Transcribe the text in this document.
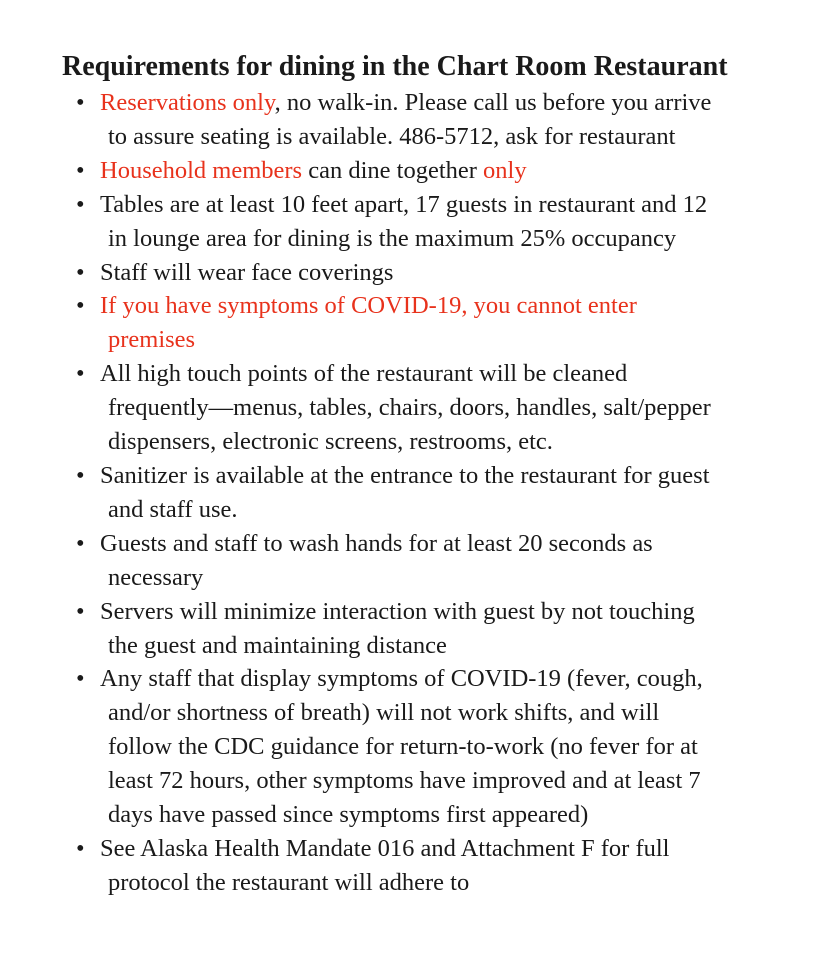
Requirements for dining in the Chart Room Restaurant
• Reservations only, no walk-in. Please call us before you arrive
to assure seating is available. 486-5712, ask for restaurant
• Household members can dine together only
• Tables are at least 10 feet apart, 17 guests in restaurant and 12
in lounge area for dining is the maximum 25% occupancy
• Staff will wear face coverings
• If you have symptoms of COVID-19, you cannot enter
premises
• All high touch points of the restaurant will be cleaned
frequently—menus, tables, chairs, doors, handles, salt/pepper
dispensers, electronic screens, restrooms, etc.
• Sanitizer is available at the entrance to the restaurant for guest
and staff use.
• Guests and staff to wash hands for at least 20 seconds as
necessary
• Servers will minimize interaction with guest by not touching
the guest and maintaining distance
• Any staff that display symptoms of COVID-19 (fever, cough,
and/or shortness of breath) will not work shifts, and will
follow the CDC guidance for return-to-work (no fever for at
least 72 hours, other symptoms have improved and at least 7
days have passed since symptoms first appeared)
• See Alaska Health Mandate 016 and Attachment F for full
protocol the restaurant will adhere to
